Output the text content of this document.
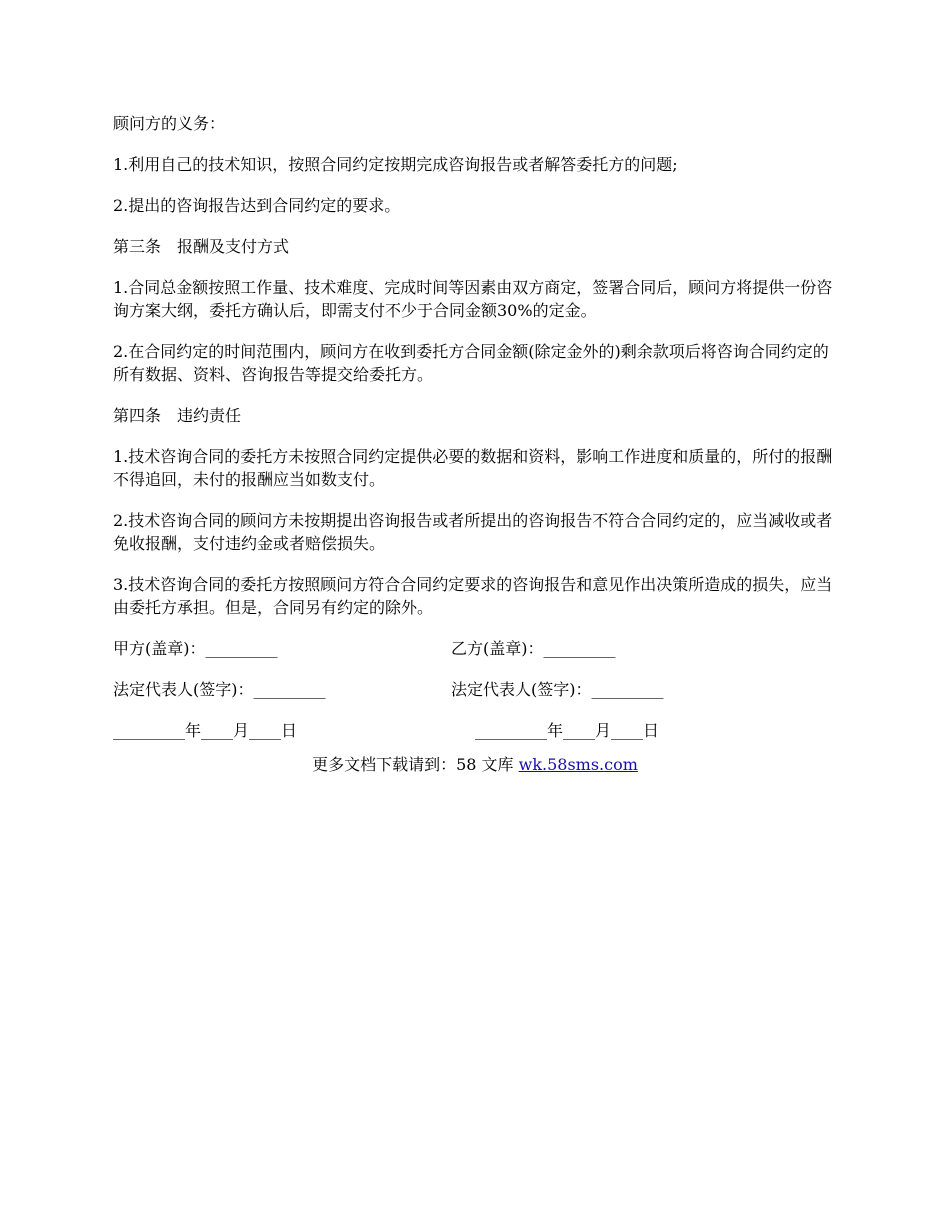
顾问方的义务：

1.利用自己的技术知识，按照合同约定按期完成咨询报告或者解答委托方的问题;

2.提出的咨询报告达到合同约定的要求。

第三条 报酬及支付方式

1.合同总金额按照工作量、技术难度、完成时间等因素由双方商定，签署合同后，顾问方将提供一份咨询方案大纲，委托方确认后，即需支付不少于合同金额30%的定金。

2.在合同约定的时间范围内，顾问方在收到委托方合同金额(除定金外的)剩余款项后将咨询合同约定的所有数据、资料、咨询报告等提交给委托方。

第四条 违约责任

1.技术咨询合同的委托方未按照合同约定提供必要的数据和资料，影响工作进度和质量的，所付的报酬不得追回，未付的报酬应当如数支付。

2.技术咨询合同的顾问方未按期提出咨询报告或者所提出的咨询报告不符合合同约定的，应当减收或者免收报酬，支付违约金或者赔偿损失。

3.技术咨询合同的委托方按照顾问方符合合同约定要求的咨询报告和意见作出决策所造成的损失，应当由委托方承担。但是，合同另有约定的除外。

甲方(盖章)：_________	乙方(盖章)：_________
法定代表人(签字)：_________	法定代表人(签字)：_________
_________年____月____日	_________年____月____日
更多文档下载请到：58 文库 wk.58sms.com
